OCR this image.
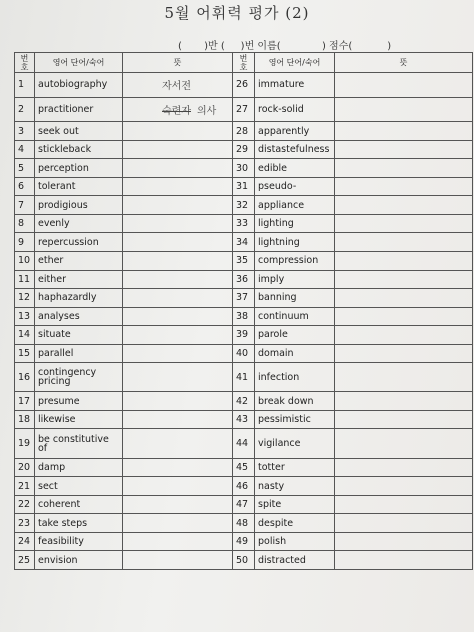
5월 어휘력 평가 (2)
(       )반 (     )번 이름(             ) 점수(           )
번
호	영어 단어/숙어	뜻	번
호	영어 단어/숙어	뜻
1	autobiography	자서전	26	immature	
2	practitioner	숙련자 의사	27	rock-solid	
3	seek out		28	apparently	
4	stickleback		29	distastefulness	
5	perception		30	edible	
6	tolerant		31	pseudo-	
7	prodigious		32	appliance	
8	evenly		33	lighting	
9	repercussion		34	lightning	
10	ether		35	compression	
11	either		36	imply	
12	haphazardly		37	banning	
13	analyses		38	continuum	
14	situate		39	parole	
15	parallel		40	domain	
16	contingency pricing		41	infection	
17	presume		42	break down	
18	likewise		43	pessimistic	
19	be constitutive of		44	vigilance	
20	damp		45	totter	
21	sect		46	nasty	
22	coherent		47	spite	
23	take steps		48	despite	
24	feasibility		49	polish	
25	envision		50	distracted	
